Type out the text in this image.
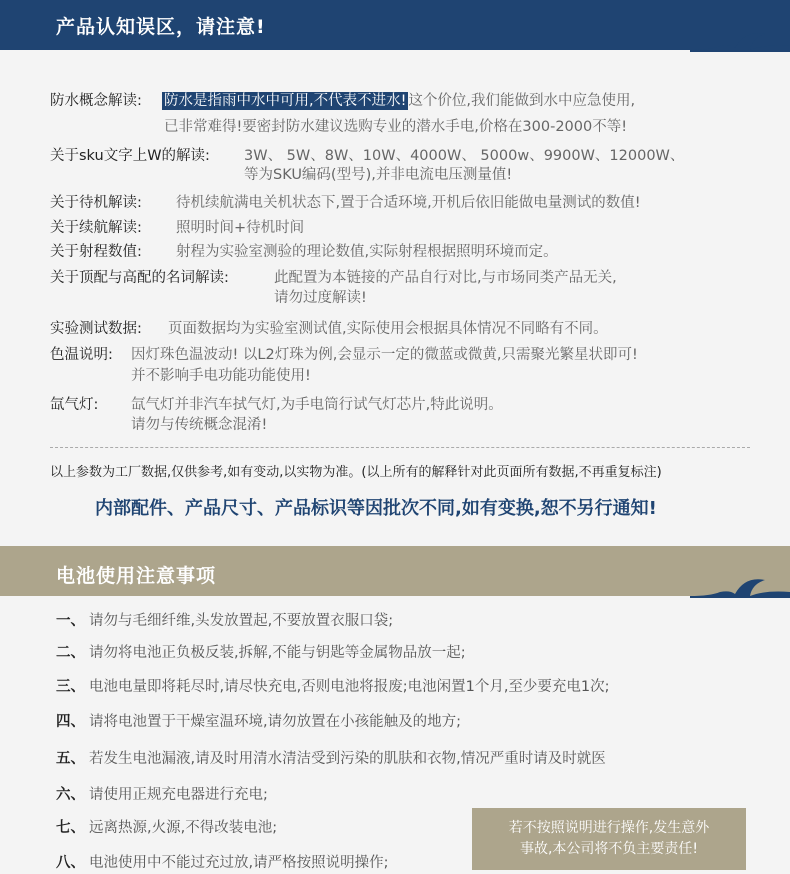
产品认知误区，请注意!
防水概念解读: 防水是指雨中水中可用,不代表不进水! 这个价位,我们能做到水中应急使用,
已非常难得!要密封防水建议选购专业的潜水手电,价格在300-2000不等!
关于sku文字上W的解读: 3W、 5W、8W、10W、4000W、 5000w、9900W、12000W、
等为SKU编码(型号),并非电流电压测量值!
关于待机解读: 待机续航满电关机状态下,置于合适环境,开机后依旧能做电量测试的数值!
关于续航解读: 照明时间+待机时间
关于射程数值: 射程为实验室测验的理论数值,实际射程根据照明环境而定。
关于顶配与高配的名词解读:	此配置为本链接的产品自行对比,与市场同类产品无关,
请勿过度解读!
实验测试数据: 页面数据均为实验室测试值,实际使用会根据具体情况不同略有不同。
色温说明: 因灯珠色温波动! 以L2灯珠为例,会显示一定的微蓝或微黄,只需聚光繁星状即可!
并不影响手电功能功能使用!
氙气灯: 氙气灯并非汽车拭气灯,为手电筒行试气灯芯片,特此说明。
请勿与传统概念混淆!
以上参数为工厂数据,仅供参考,如有变动,以实物为准。(以上所有的解释针对此页面所有数据,不再重复标注)
内部配件、产品尺寸、产品标识等因批次不同,如有变换,恕不另行通知!
电池使用注意事项
一、 请勿与毛细纤维,头发放置起,不要放置衣服口袋;
二、 请勿将电池正负极反装,拆解,不能与钥匙等金属物品放一起;
三、 电池电量即将耗尽时,请尽快充电,否则电池将报废;电池闲置1个月,至少要充电1次;
四、 请将电池置于干燥室温环境,请勿放置在小孩能触及的地方;
五、 若发生电池漏液,请及时用清水清洁受到污染的肌肤和衣物,情况严重时请及时就医
六、 请使用正规充电器进行充电;
七、 远离热源,火源,不得改装电池;
八、 电池使用中不能过充过放,请严格按照说明操作;
若不按照说明进行操作,发生意外
事故,本公司将不负主要责任!
